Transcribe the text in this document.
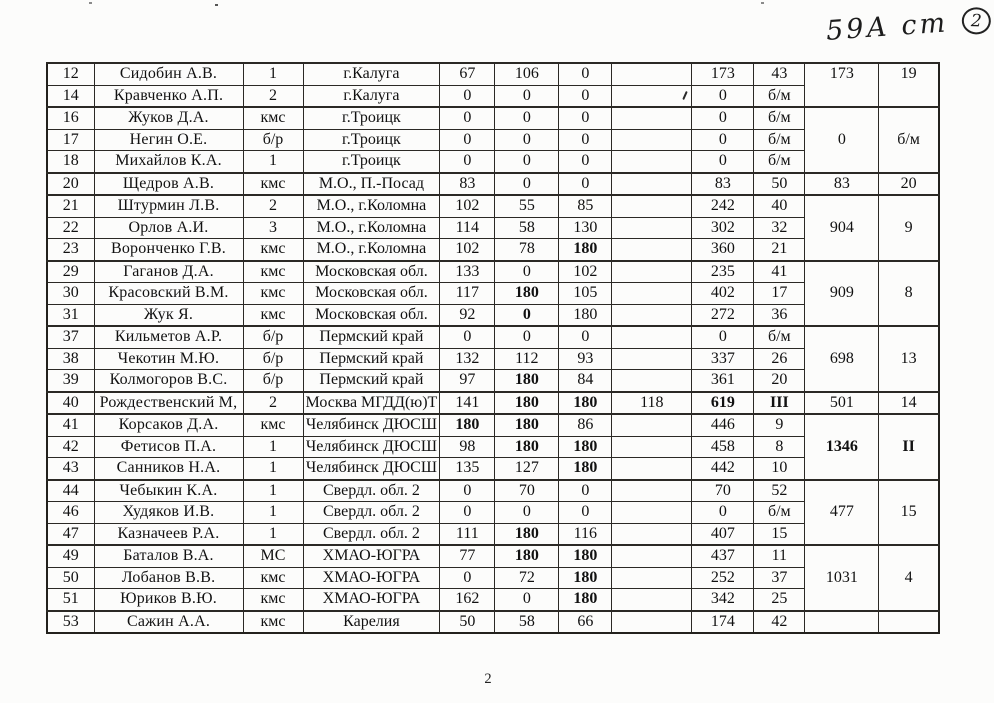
59А ст	2
12	Сидобин А.В.	1	г.Калуга	67	106	0		173	43	173	19
14	Кравченко А.П.	2	г.Калуга	0	0	0		0	б/м		
16	Жуков Д.А.	кмс	г.Троицк	0	0	0		0	б/м	0	б/м
17	Негин О.Е.	б/р	г.Троицк	0	0	0		0	б/м		
18	Михайлов К.А.	1	г.Троицк	0	0	0		0	б/м		
20	Щедров А.В.	кмс	М.О., П.-Посад	83	0	0		83	50	83	20
21	Штурмин Л.В.	2	М.О., г.Коломна	102	55	85		242	40	904	9
22	Орлов А.И.	3	М.О., г.Коломна	114	58	130		302	32		
23	Воронченко Г.В.	кмс	М.О., г.Коломна	102	78	180		360	21		
29	Гаганов Д.А.	кмс	Московская обл.	133	0	102		235	41	909	8
30	Красовский В.М.	кмс	Московская обл.	117	180	105		402	17		
31	Жук Я.	кмс	Московская обл.	92	0	180		272	36		
37	Кильметов А.Р.	б/р	Пермский край	0	0	0		0	б/м	698	13
38	Чекотин М.Ю.	б/р	Пермский край	132	112	93		337	26		
39	Колмогоров В.С.	б/р	Пермский край	97	180	84		361	20		
40	Рождественский М,	2	Москва МГДД(ю)Т	141	180	180	118	619	III	501	14
41	Корсаков Д.А.	кмс	Челябинск ДЮСШ	180	180	86		446	9	1346	II
42	Фетисов П.А.	1	Челябинск ДЮСШ	98	180	180		458	8		
43	Санников Н.А.	1	Челябинск ДЮСШ	135	127	180		442	10		
44	Чебыкин К.А.	1	Свердл. обл. 2	0	70	0		70	52	477	15
46	Худяков И.В.	1	Свердл. обл. 2	0	0	0		0	б/м		
47	Казначеев Р.А.	1	Свердл. обл. 2	111	180	116		407	15		
49	Баталов В.А.	МС	ХМАО-ЮГРА	77	180	180		437	11	1031	4
50	Лобанов В.В.	кмс	ХМАО-ЮГРА	0	72	180		252	37		
51	Юриков В.Ю.	кмс	ХМАО-ЮГРА	162	0	180		342	25		
53	Сажин А.А.	кмс	Карелия	50	58	66		174	42		
2
